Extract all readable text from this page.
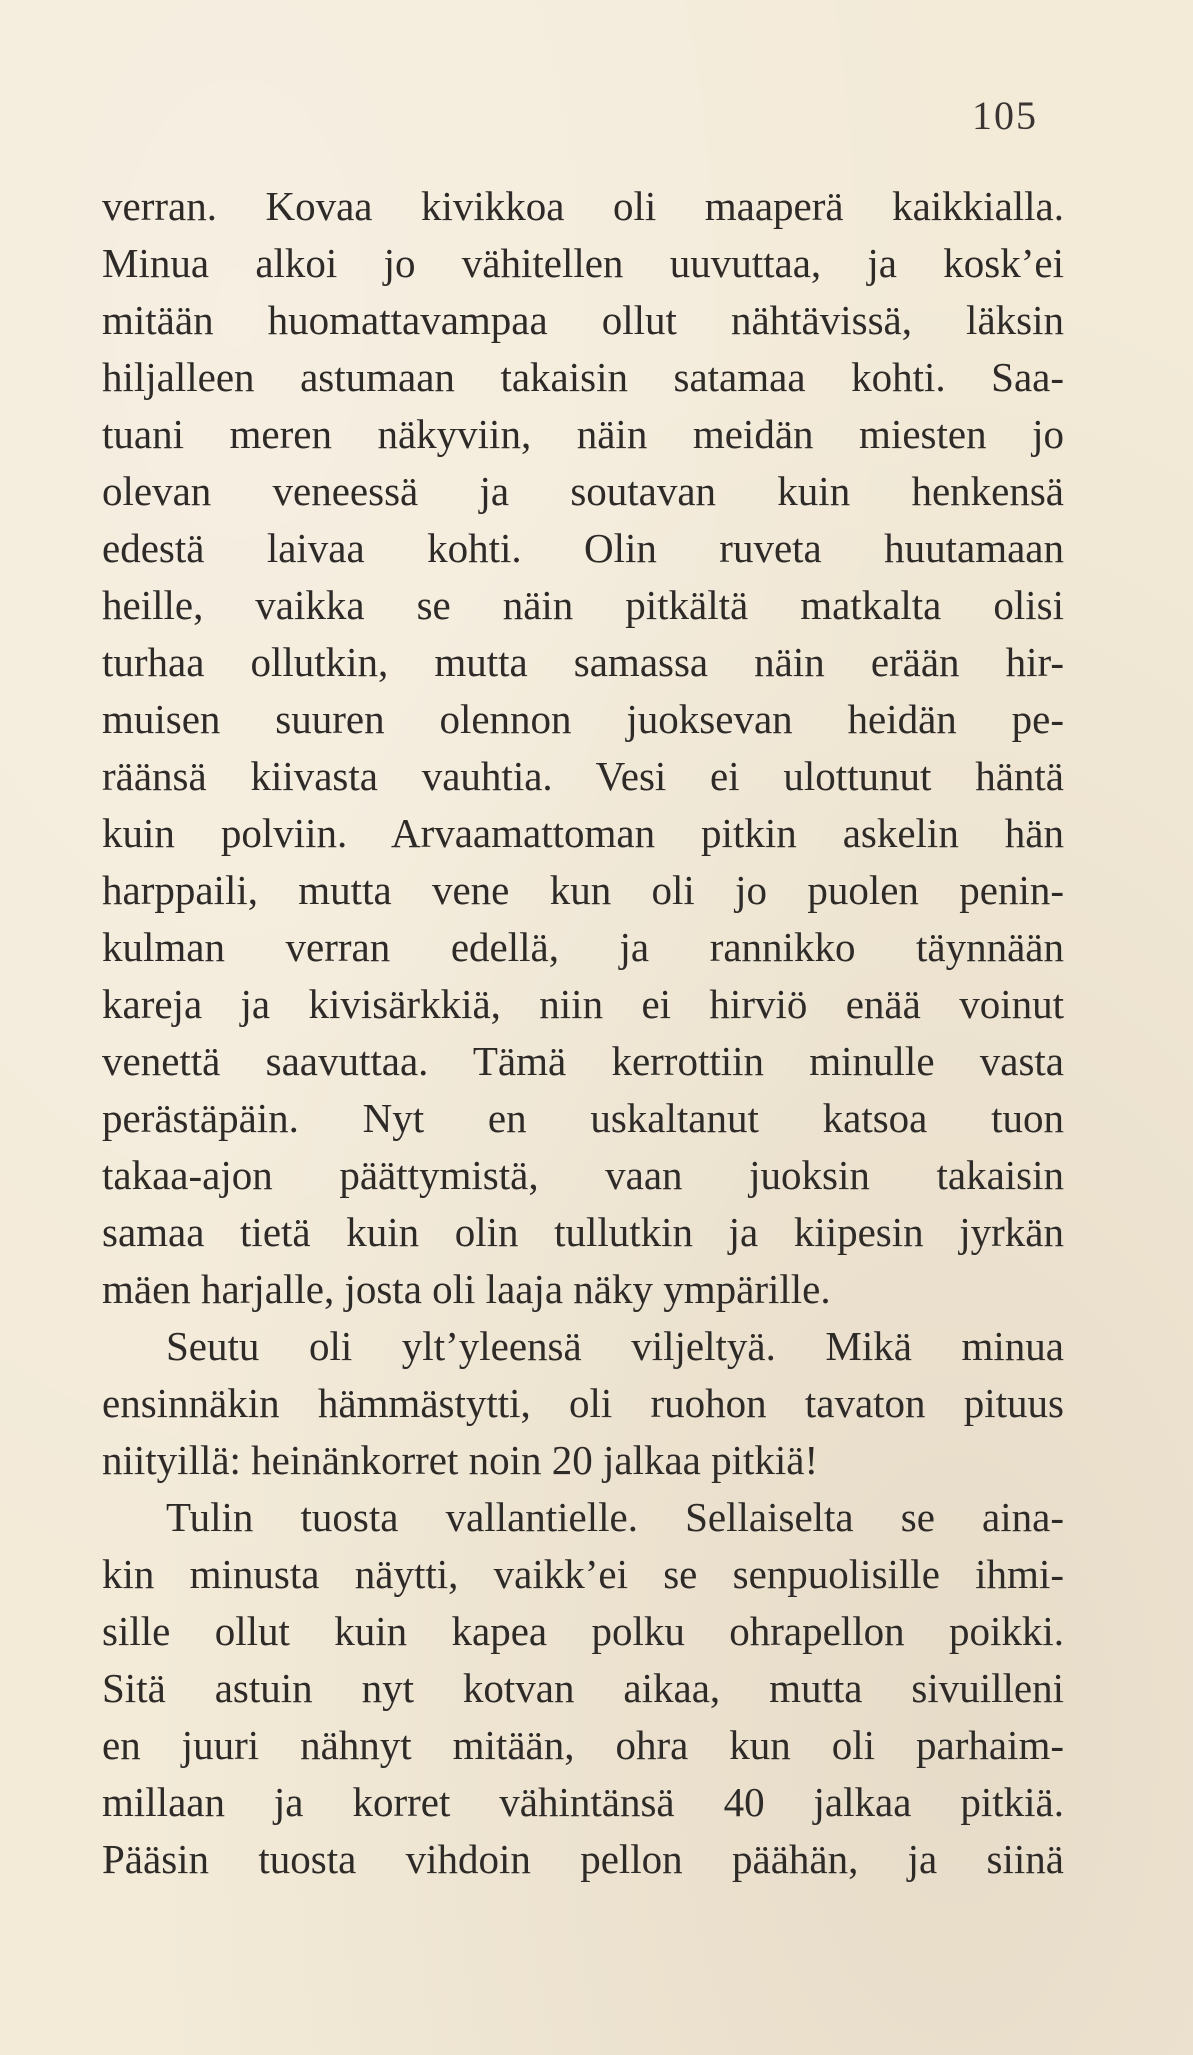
105
verran. Kovaa kivikkoa oli maaperä kaikkialla.
Minua alkoi jo vähitellen uuvuttaa, ja kosk’ei
mitään huomattavampaa ollut nähtävissä, läksin
hiljalleen astumaan takaisin satamaa kohti. Saa-
tuani meren näkyviin, näin meidän miesten jo
olevan veneessä ja soutavan kuin henkensä
edestä laivaa kohti. Olin ruveta huutamaan
heille, vaikka se näin pitkältä matkalta olisi
turhaa ollutkin, mutta samassa näin erään hir-
muisen suuren olennon juoksevan heidän pe-
räänsä kiivasta vauhtia. Vesi ei ulottunut häntä
kuin polviin. Arvaamattoman pitkin askelin hän
harppaili, mutta vene kun oli jo puolen penin-
kulman verran edellä, ja rannikko täynnään
kareja ja kivisärkkiä, niin ei hirviö enää voinut
venettä saavuttaa. Tämä kerrottiin minulle vasta
perästäpäin. Nyt en uskaltanut katsoa tuon
takaa-ajon päättymistä, vaan juoksin takaisin
samaa tietä kuin olin tullutkin ja kiipesin jyrkän
mäen harjalle, josta oli laaja näky ympärille.
Seutu oli ylt’yleensä viljeltyä. Mikä minua
ensinnäkin hämmästytti, oli ruohon tavaton pituus
niityillä: heinänkorret noin 20 jalkaa pitkiä!
Tulin tuosta vallantielle. Sellaiselta se aina-
kin minusta näytti, vaikk’ei se senpuolisille ihmi-
sille ollut kuin kapea polku ohrapellon poikki.
Sitä astuin nyt kotvan aikaa, mutta sivuilleni
en juuri nähnyt mitään, ohra kun oli parhaim-
millaan ja korret vähintänsä 40 jalkaa pitkiä.
Pääsin tuosta vihdoin pellon päähän, ja siinä
